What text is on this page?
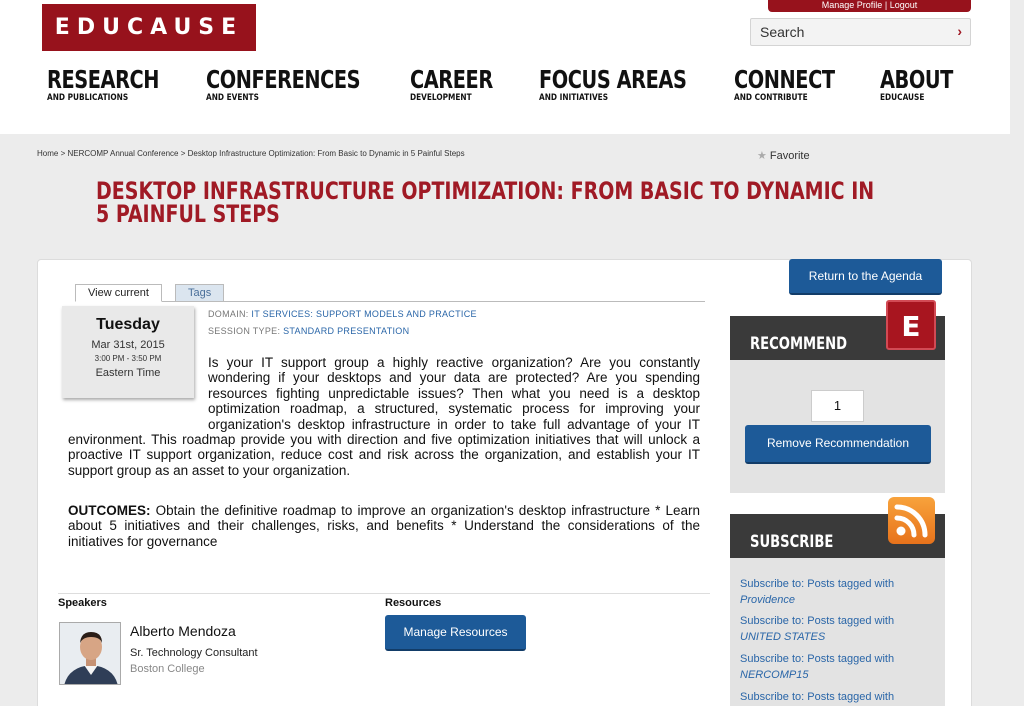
EDUCAUSE
Manage Profile | Logout
Search
›
RESEARCH
AND PUBLICATIONS
CONFERENCES
AND EVENTS
CAREER
DEVELOPMENT
FOCUS AREAS
AND INITIATIVES
CONNECT
AND CONTRIBUTE
ABOUT
EDUCAUSE
Home > NERCOMP Annual Conference > Desktop Infrastructure Optimization: From Basic to Dynamic in 5 Painful Steps	★ Favorite
DESKTOP INFRASTRUCTURE OPTIMIZATION: FROM BASIC TO DYNAMIC IN 5 PAINFUL STEPS
View current	Tags
Tuesday
Mar 31st, 2015
3:00 PM - 3:50 PM
Eastern Time
DOMAIN: IT SERVICES: SUPPORT MODELS AND PRACTICE
SESSION TYPE: STANDARD PRESENTATION
Is your IT support group a highly reactive organization? Are you constantly wondering if your desktops and your data are protected? Are you spending resources fighting unpredictable issues? Then what you need is a desktop optimization roadmap, a structured, systematic process for improving your organization's desktop infrastructure in order to take full advantage of your IT environment. This roadmap provide you with direction and five optimization initiatives that will unlock a proactive IT support organization, reduce cost and risk across the organization, and establish your IT support group as an asset to your organization.
OUTCOMES: Obtain the definitive roadmap to improve an organization's desktop infrastructure * Learn about 5 initiatives and their challenges, risks, and benefits * Understand the considerations of the initiatives for governance
Speakers	Resources
Alberto Mendoza
Sr. Technology Consultant
Boston College
Manage Resources
Return to the Agenda
RECOMMEND
E
1
Remove Recommendation
SUBSCRIBE
Subscribe to: Posts tagged with
Providence
Subscribe to: Posts tagged with
UNITED STATES
Subscribe to: Posts tagged with
NERCOMP15
Subscribe to: Posts tagged with
